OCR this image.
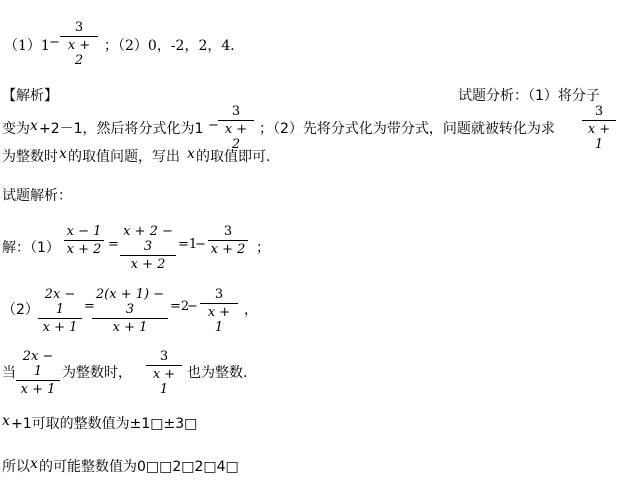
（1）1 −
3
x + 2
；（2）0，-2，2，4．
【解析】	试题分析：（1）将分子
变为 x +2－1，然后将分式化为1 −
3
x + 2
；（2）先将分式化为带分式，问题就被转化为求
3
x + 1
为整数时 x 的取值问题，写出 x 的取值即可.
试题解析：
解：（1）
x − 1
x + 2 =
x + 2 − 3
x + 2
=1
−
3
x + 2 ；
（2）
2x − 1
x + 1
=
2(x + 1) − 3
x + 1
=2
−
3
x + 1
，
当
2x − 1
x + 1
为整数时，
3
x + 1
也为整数．
x +1可取的整数值为±1□±3□
所以 x 的可能整数值为0□□2□2□4□
